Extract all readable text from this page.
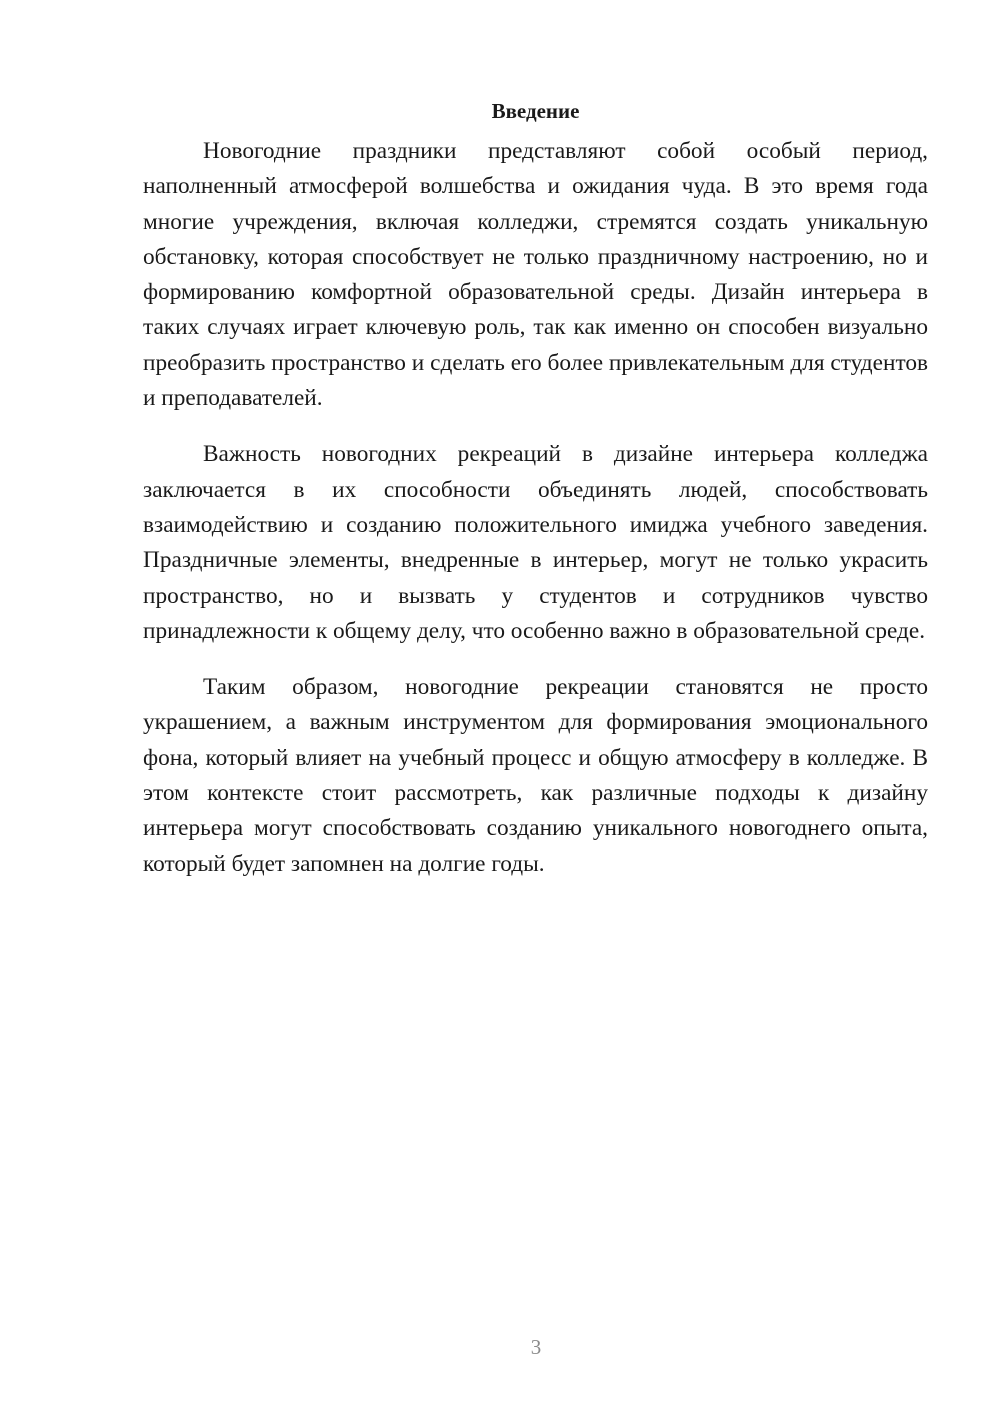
Введение

Новогодние праздники представляют собой особый период, наполненный атмосферой волшебства и ожидания чуда. В это время года многие учреждения, включая колледжи, стремятся создать уникальную обстановку, которая способствует не только праздничному настроению, но и формированию комфортной образовательной среды. Дизайн интерьера в таких случаях играет ключевую роль, так как именно он способен визуально преобразить пространство и сделать его более привлекательным для студентов и преподавателей.

Важность новогодних рекреаций в дизайне интерьера колледжа заключается в их способности объединять людей, способствовать взаимодействию и созданию положительного имиджа учебного заведения. Праздничные элементы, внедренные в интерьер, могут не только украсить пространство, но и вызвать у студентов и сотрудников чувство принадлежности к общему делу, что особенно важно в образовательной среде.

Таким образом, новогодние рекреации становятся не просто украшением, а важным инструментом для формирования эмоционального фона, который влияет на учебный процесс и общую атмосферу в колледже. В этом контексте стоит рассмотреть, как различные подходы к дизайну интерьера могут способствовать созданию уникального новогоднего опыта, который будет запомнен на долгие годы.

3
